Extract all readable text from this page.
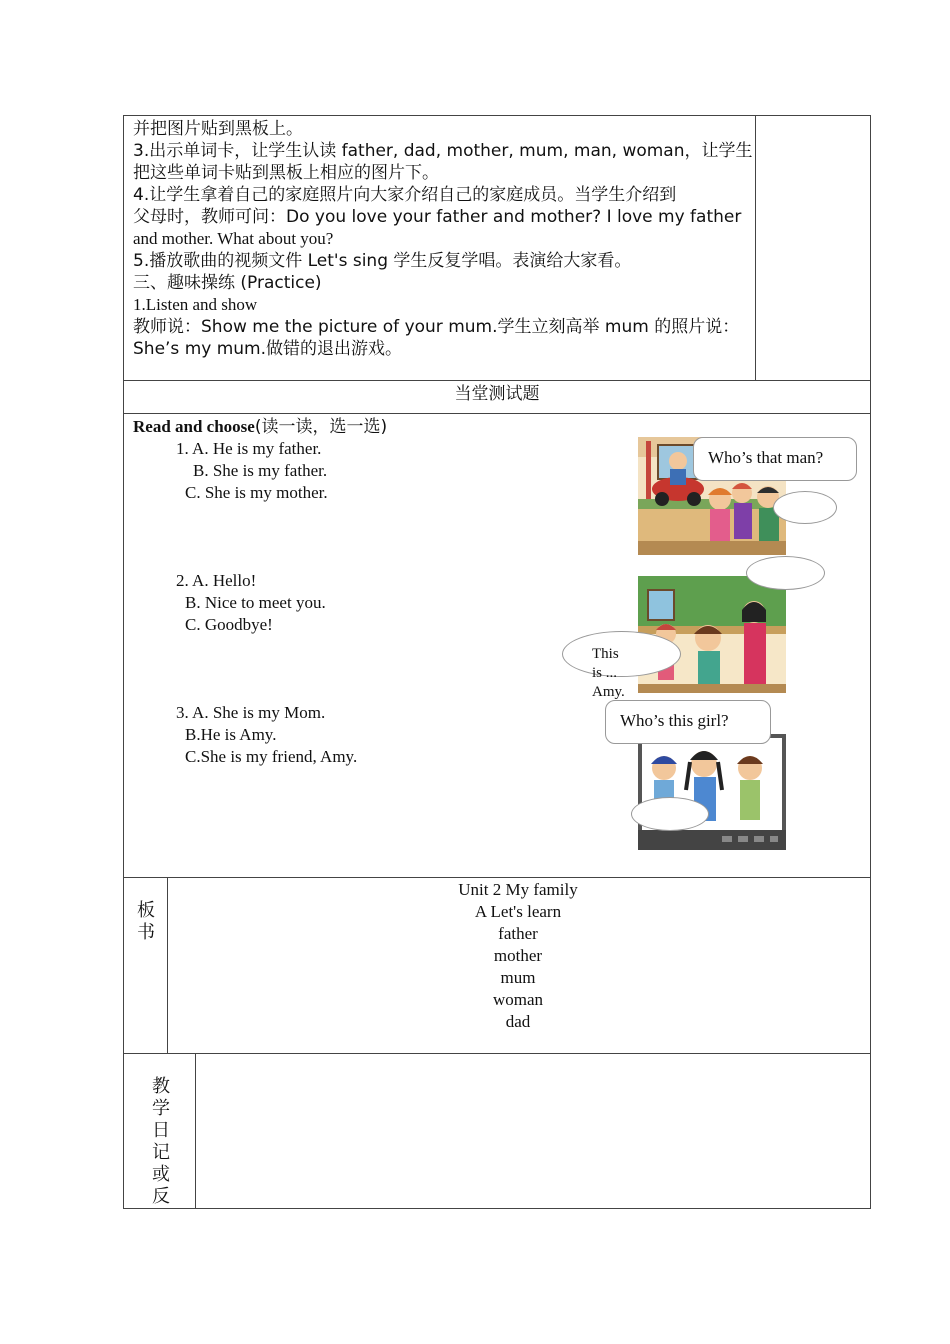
并把图片贴到黑板上。
3.出示单词卡，让学生认读 father, dad, mother, mum, man, woman，让学生
把这些单词卡贴到黑板上相应的图片下。
4.让学生拿着自己的家庭照片向大家介绍自己的家庭成员。当学生介绍到
父母时，教师可问：Do you love your father and mother? I love my father
and mother. What about you?
5.播放歌曲的视频文件 Let's sing 学生反复学唱。表演给大家看。
三、趣味操练 (Practice)
1.Listen and show
教师说：Show me the picture of your mum.学生立刻高举 mum 的照片说：
She’s my mum.做错的退出游戏。
当堂测试题
Read and choose(读一读，选一选)
1. A. He is my father.
B. She is my father.
C. She is my mother.
2. A. Hello!
B. Nice to meet you.
C. Goodbye!
3. A. She is my Mom.
B.He is Amy.
C.She is my friend, Amy.
Who’s that man?
This
is ...
Amy.
Who’s this girl?
板
书
Unit 2 My family
A Let's learn
father
mother
mum
woman
dad
教
学
日
记
或
反
